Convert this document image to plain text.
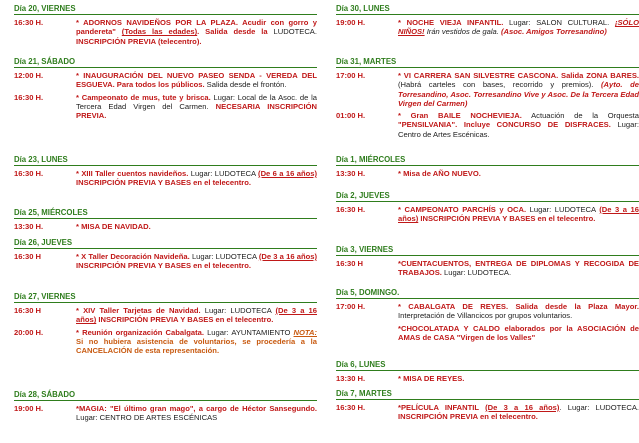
Día 20, VIERNES
16:30 H.	* ADORNOS NAVIDEÑOS POR LA PLAZA. Acudir con gorro y pandereta" (Todas las edades). Salida desde la LUDOTECA. INSCRIPCIÓN PREVIA (telecentro).
Día 21, SÁBADO
12:00 H.	* INAUGURACIÓN DEL NUEVO PASEO SENDA - VEREDA DEL ESGUEVA. Para todos los públicos. Salida desde el frontón.
16:30 H.	* Campeonato de mus, tute y brisca. Lugar: Local de la Asoc. de la Tercera Edad Virgen del Carmen. NECESARIA INSCRIPCIÓN PREVIA.
Día 23, LUNES
16:30 H.	* XIII Taller cuentos navideños. Lugar: LUDOTECA (De 6 a 16 años) INSCRIPCIÓN PREVIA Y BASES en el telecentro.
Día 25, MIÉRCOLES
13:30 H.	* MISA DE NAVIDAD.
Día 26, JUEVES
16:30 H	* X Taller Decoración Navideña. Lugar: LUDOTECA (De 3 a 16 años) INSCRIPCIÓN PREVIA Y BASES en el telecentro.
Día 27, VIERNES
16:30 H	* XIV Taller Tarjetas de Navidad. Lugar: LUDOTECA (De 3 a 16 años) INSCRIPCIÓN PREVIA Y BASES en el telecentro.
20:00 H.	* Reunión organización Cabalgata. Lugar: AYUNTAMIENTO NOTA: Si no hubiera asistencia de voluntarios, se procedería a la CANCELACIÓN de esta representación.
Día 28, SÁBADO
19:00 H.	*MAGIA: "El último gran mago", a cargo de Héctor Sansegundo. Lugar: CENTRO DE ARTES ESCÉNICAS
Día 30, LUNES
19:00 H.	* NOCHE VIEJA INFANTIL. Lugar: SALON CULTURAL. ¡SÓLO NIÑOS! Irán vestidos de gala. (Asoc. Amigos Torresandino)
Día 31, MARTES
17:00 H.	* VI CARRERA SAN SILVESTRE CASCONA. Salida ZONA BARES. (Habrá carteles con bases, recorrido y premios). (Ayto. de Torresandino, Asoc. Torresandino Vive y Asoc. De la Tercera Edad Virgen del Carmen)
01:00 H.	* Gran BAILE NOCHEVIEJA. Actuación de la Orquesta "PENSILVANIA". Incluye CONCURSO DE DISFRACES. Lugar: Centro de Artes Escénicas.
Día 1, MIÉRCOLES
13:30 H.	* Misa de AÑO NUEVO.
Día 2, JUEVES
16:30 H.	* CAMPEONATO PARCHÍS y OCA. Lugar: LUDOTECA (De 3 a 16 años) INSCRIPCIÓN PREVIA Y BASES en el telecentro.
Día 3, VIERNES
16:30 H	*CUENTACUENTOS, ENTREGA DE DIPLOMAS Y RECOGIDA DE TRABAJOS. Lugar: LUDOTECA.
Día 5, DOMINGO.
17:00 H.	* CABALGATA DE REYES. Salida desde la Plaza Mayor. Interpretación de Villancicos por grupos voluntarios.
*CHOCOLATADA Y CALDO elaborados por la ASOCIACIÓN de AMAS de CASA "Virgen de los Valles"
Día 6, LUNES
13:30 H.	* MISA DE REYES.
Día 7, MARTES
16:30 H.	*PELÍCULA INFANTIL (De 3 a 16 años). Lugar: LUDOTECA. INSCRIPCIÓN PREVIA en el telecentro.
